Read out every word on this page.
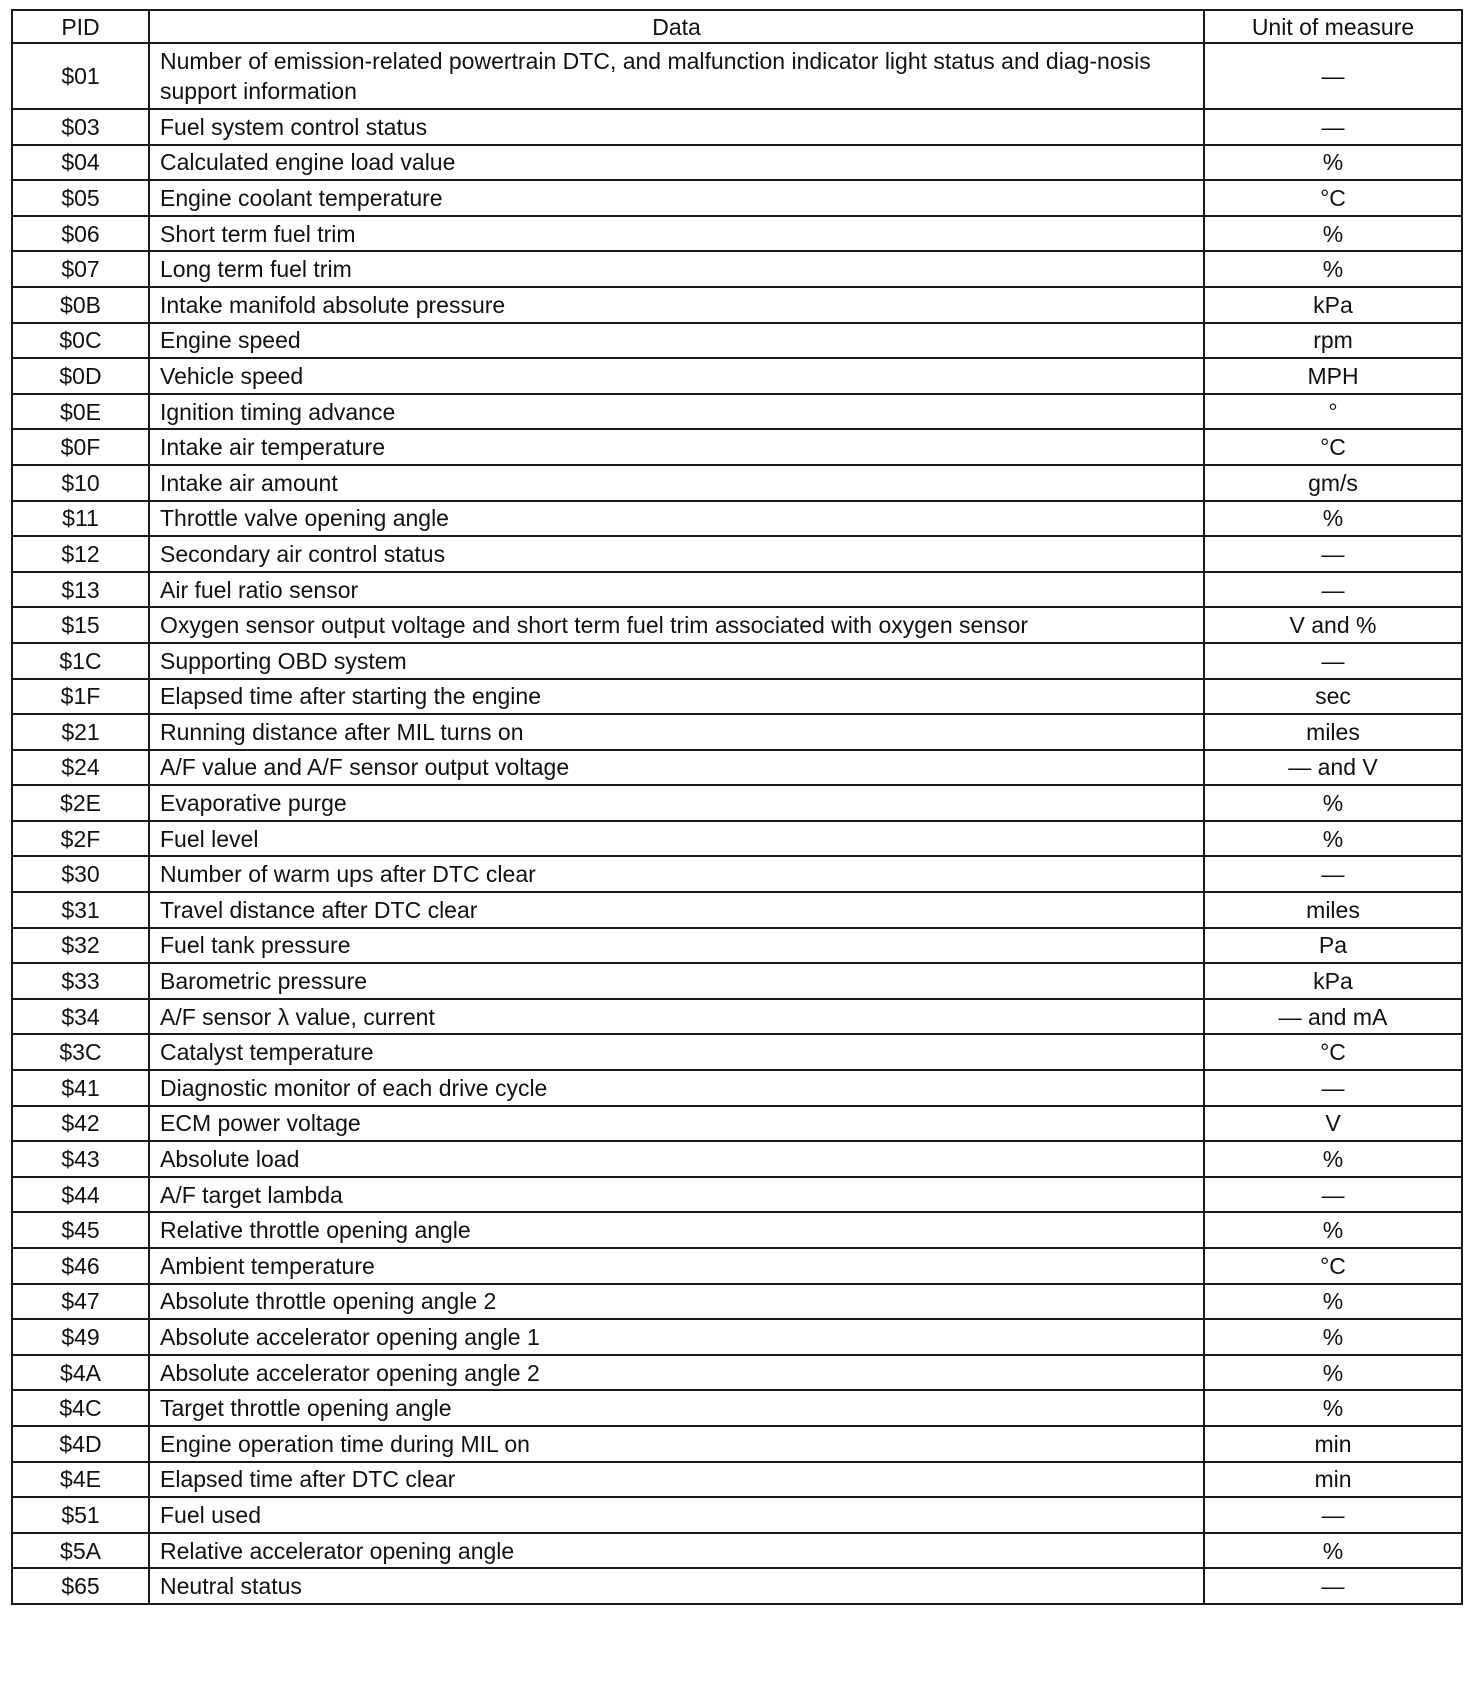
PID	Data	Unit of measure
$01	Number of emission-related powertrain DTC, and malfunction indicator light status and diag-nosis support information	—
$03	Fuel system control status	—
$04	Calculated engine load value	%
$05	Engine coolant temperature	°C
$06	Short term fuel trim	%
$07	Long term fuel trim	%
$0B	Intake manifold absolute pressure	kPa
$0C	Engine speed	rpm
$0D	Vehicle speed	MPH
$0E	Ignition timing advance	°
$0F	Intake air temperature	°C
$10	Intake air amount	gm/s
$11	Throttle valve opening angle	%
$12	Secondary air control status	—
$13	Air fuel ratio sensor	—
$15	Oxygen sensor output voltage and short term fuel trim associated with oxygen sensor	V and %
$1C	Supporting OBD system	—
$1F	Elapsed time after starting the engine	sec
$21	Running distance after MIL turns on	miles
$24	A/F value and A/F sensor output voltage	— and V
$2E	Evaporative purge	%
$2F	Fuel level	%
$30	Number of warm ups after DTC clear	—
$31	Travel distance after DTC clear	miles
$32	Fuel tank pressure	Pa
$33	Barometric pressure	kPa
$34	A/F sensor λ value, current	— and mA
$3C	Catalyst temperature	°C
$41	Diagnostic monitor of each drive cycle	—
$42	ECM power voltage	V
$43	Absolute load	%
$44	A/F target lambda	—
$45	Relative throttle opening angle	%
$46	Ambient temperature	°C
$47	Absolute throttle opening angle 2	%
$49	Absolute accelerator opening angle 1	%
$4A	Absolute accelerator opening angle 2	%
$4C	Target throttle opening angle	%
$4D	Engine operation time during MIL on	min
$4E	Elapsed time after DTC clear	min
$51	Fuel used	—
$5A	Relative accelerator opening angle	%
$65	Neutral status	—
